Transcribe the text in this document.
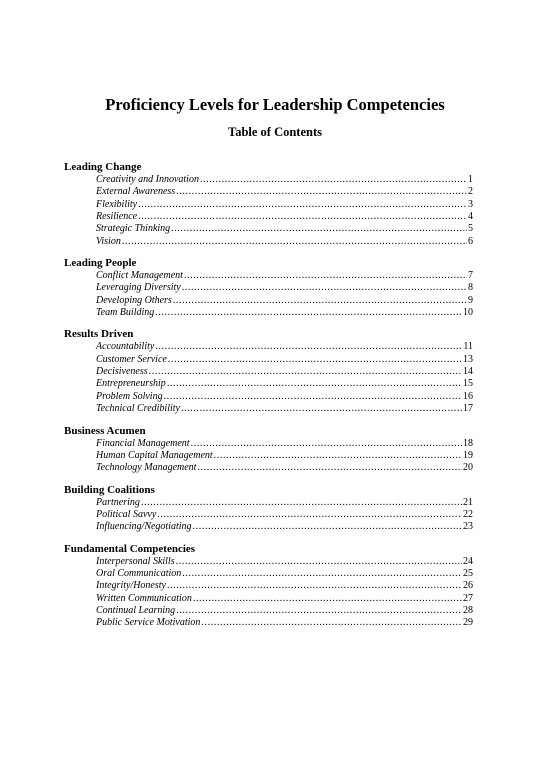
Proficiency Levels for Leadership Competencies
Table of Contents
Leading Change
Creativity and Innovation .....	1
External Awareness .....	2
Flexibility .....	3
Resilience .....	4
Strategic Thinking .....	5
Vision .....	6
Leading People
Conflict Management .....	7
Leveraging Diversity .....	8
Developing Others .....	9
Team Building .....	10
Results Driven
Accountability .....	11
Customer Service .....	13
Decisiveness .....	14
Entrepreneurship .....	15
Problem Solving .....	16
Technical Credibility .....	17
Business Acumen
Financial Management .....	18
Human Capital Management .....	19
Technology Management .....	20
Building Coalitions
Partnering .....	21
Political Savvy .....	22
Influencing/Negotiating .....	23
Fundamental Competencies
Interpersonal Skills .....	24
Oral Communication .....	25
Integrity/Honesty .....	26
Written Communication .....	27
Continual Learning .....	28
Public Service Motivation .....	29
